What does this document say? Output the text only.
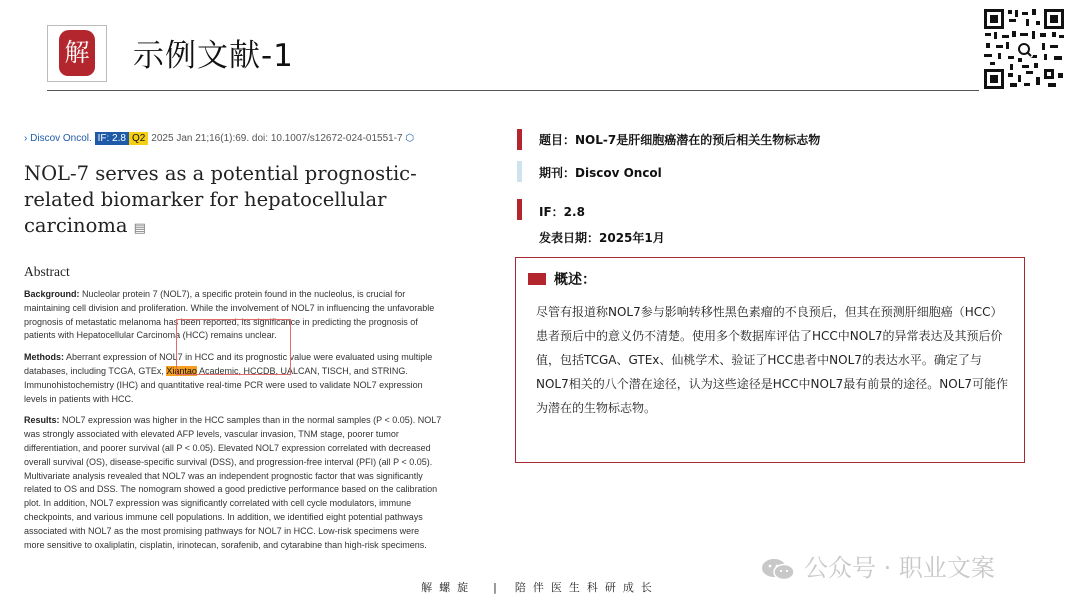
解 示例文献-1
› Discov Oncol. IF: 2.8 Q2 2025 Jan 21;16(1):69. doi: 10.1007/s12672-024-01551-7 ⬡
NOL-7 serves as a potential prognostic-related biomarker for hepatocellular carcinoma ▤
Abstract
Background: Nucleolar protein 7 (NOL7), a specific protein found in the nucleolus, is crucial for maintaining cell division and proliferation. While the involvement of NOL7 in influencing the unfavorable prognosis of metastatic melanoma has been reported, its significance in predicting the prognosis of patients with Hepatocellular Carcinoma (HCC) remains unclear.
Methods: Aberrant expression of NOL7 in HCC and its prognostic value were evaluated using multiple databases, including TCGA, GTEx, Xiantao Academic, HCCDB, UALCAN, TISCH, and STRING. Immunohistochemistry (IHC) and quantitative real-time PCR were used to validate NOL7 expression levels in patients with HCC.
Results: NOL7 expression was higher in the HCC samples than in the normal samples (P < 0.05). NOL7 was strongly associated with elevated AFP levels, vascular invasion, TNM stage, poorer tumor differentiation, and poorer survival (all P < 0.05). Elevated NOL7 expression correlated with decreased overall survival (OS), disease-specific survival (DSS), and progression-free interval (PFI) (all P < 0.05). Multivariate analysis revealed that NOL7 was an independent prognostic factor that was significantly related to OS and DSS. The nomogram showed a good predictive performance based on the calibration plot. In addition, NOL7 expression was significantly correlated with cell cycle modulators, immune checkpoints, and various immune cell populations. In addition, we identified eight potential pathways associated with NOL7 as the most promising pathways for NOL7 in HCC. Low-risk specimens were more sensitive to oxaliplatin, cisplatin, irinotecan, sorafenib, and cytarabine than high-risk specimens.
题目：NOL-7是肝细胞癌潜在的预后相关生物标志物
期刊：Discov Oncol
IF：2.8
发表日期：2025年1月
概述：
尽管有报道称NOL7参与影响转移性黑色素瘤的不良预后，但其在预测肝细胞癌（HCC）患者预后中的意义仍不清楚。使用多个数据库评估了HCC中NOL7的异常表达及其预后价值，包括TCGA、GTEx、仙桃学术、验证了HCC患者中NOL7的表达水平。确定了与NOL7相关的八个潜在途径，认为这些途径是HCC中NOL7最有前景的途径。NOL7可能作为潜在的生物标志物。
公众号 · 职业文案
解螺旋 | 陪伴医生科研成长
